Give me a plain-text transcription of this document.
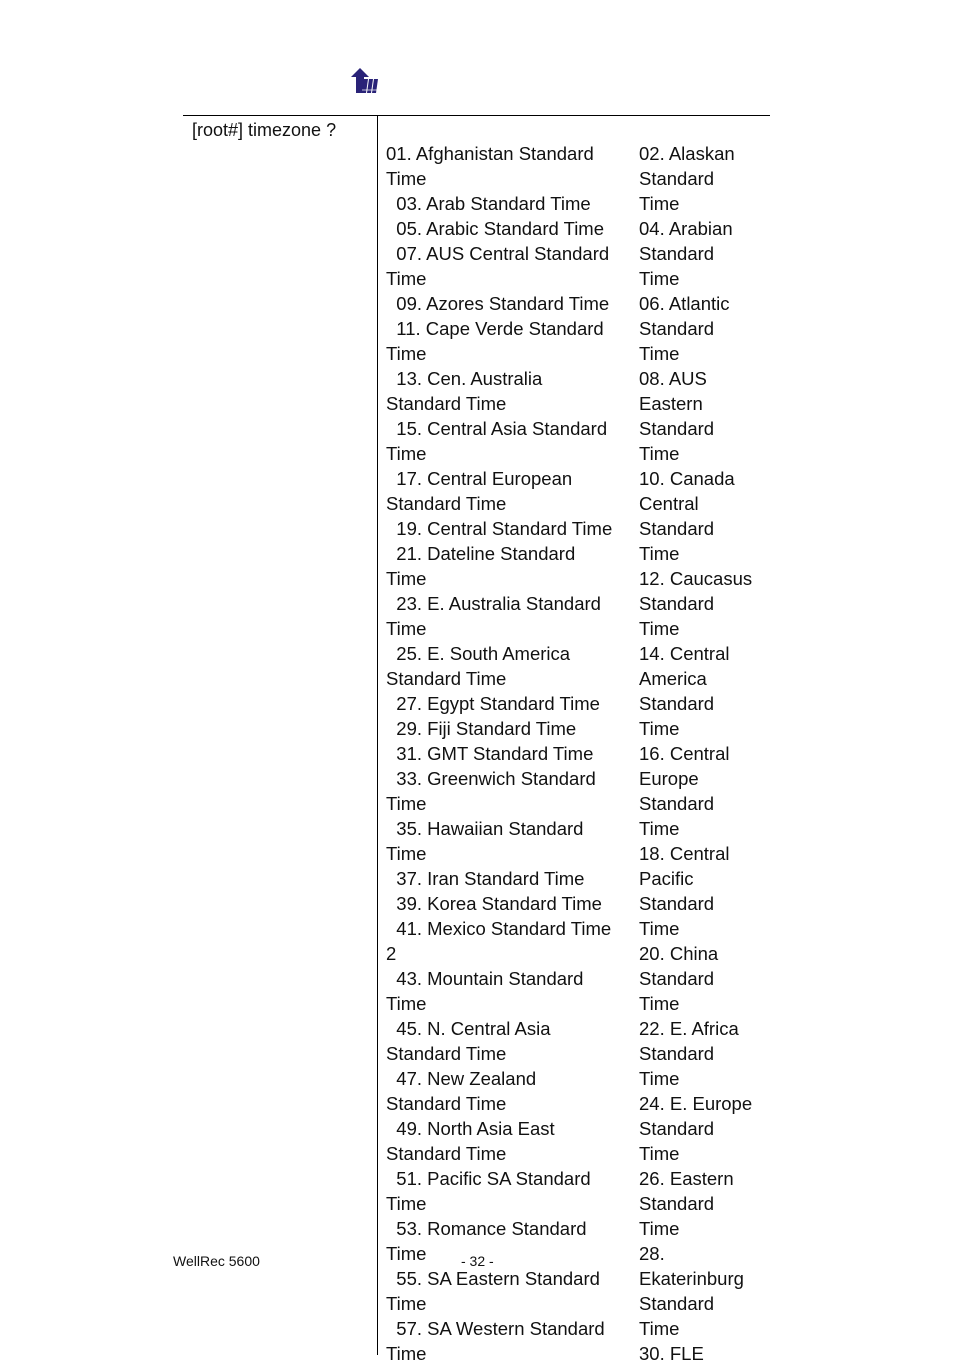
[root#] timezone ?
01. Afghanistan Standard
Time
03. Arab Standard Time
05. Arabic Standard Time
07. AUS Central Standard
Time
09. Azores Standard Time
11. Cape Verde Standard
Time
13. Cen. Australia
Standard Time
15. Central Asia Standard
Time
17. Central European
Standard Time
19. Central Standard Time
21. Dateline Standard
Time
23. E. Australia Standard
Time
25. E. South America
Standard Time
27. Egypt Standard Time
29. Fiji Standard Time
31. GMT Standard Time
33. Greenwich Standard
Time
35. Hawaiian Standard
Time
37. Iran Standard Time
39. Korea Standard Time
41. Mexico Standard Time
2
43. Mountain Standard
Time
45. N. Central Asia
Standard Time
47. New Zealand
Standard Time
49. North Asia East
Standard Time
51. Pacific SA Standard
Time
53. Romance Standard
Time
55. SA Eastern Standard
Time
57. SA Western Standard
Time
02. Alaskan
Standard
Time
04. Arabian
Standard
Time
06. Atlantic
Standard
Time
08. AUS
Eastern
Standard
Time
10. Canada
Central
Standard
Time
12. Caucasus
Standard
Time
14. Central
America
Standard
Time
16. Central
Europe
Standard
Time
18. Central
Pacific
Standard
Time
20. China
Standard
Time
22. E. Africa
Standard
Time
24. E. Europe
Standard
Time
26. Eastern
Standard
Time
28.
Ekaterinburg
Standard
Time
30. FLE
WellRec 5600	- 32 -
